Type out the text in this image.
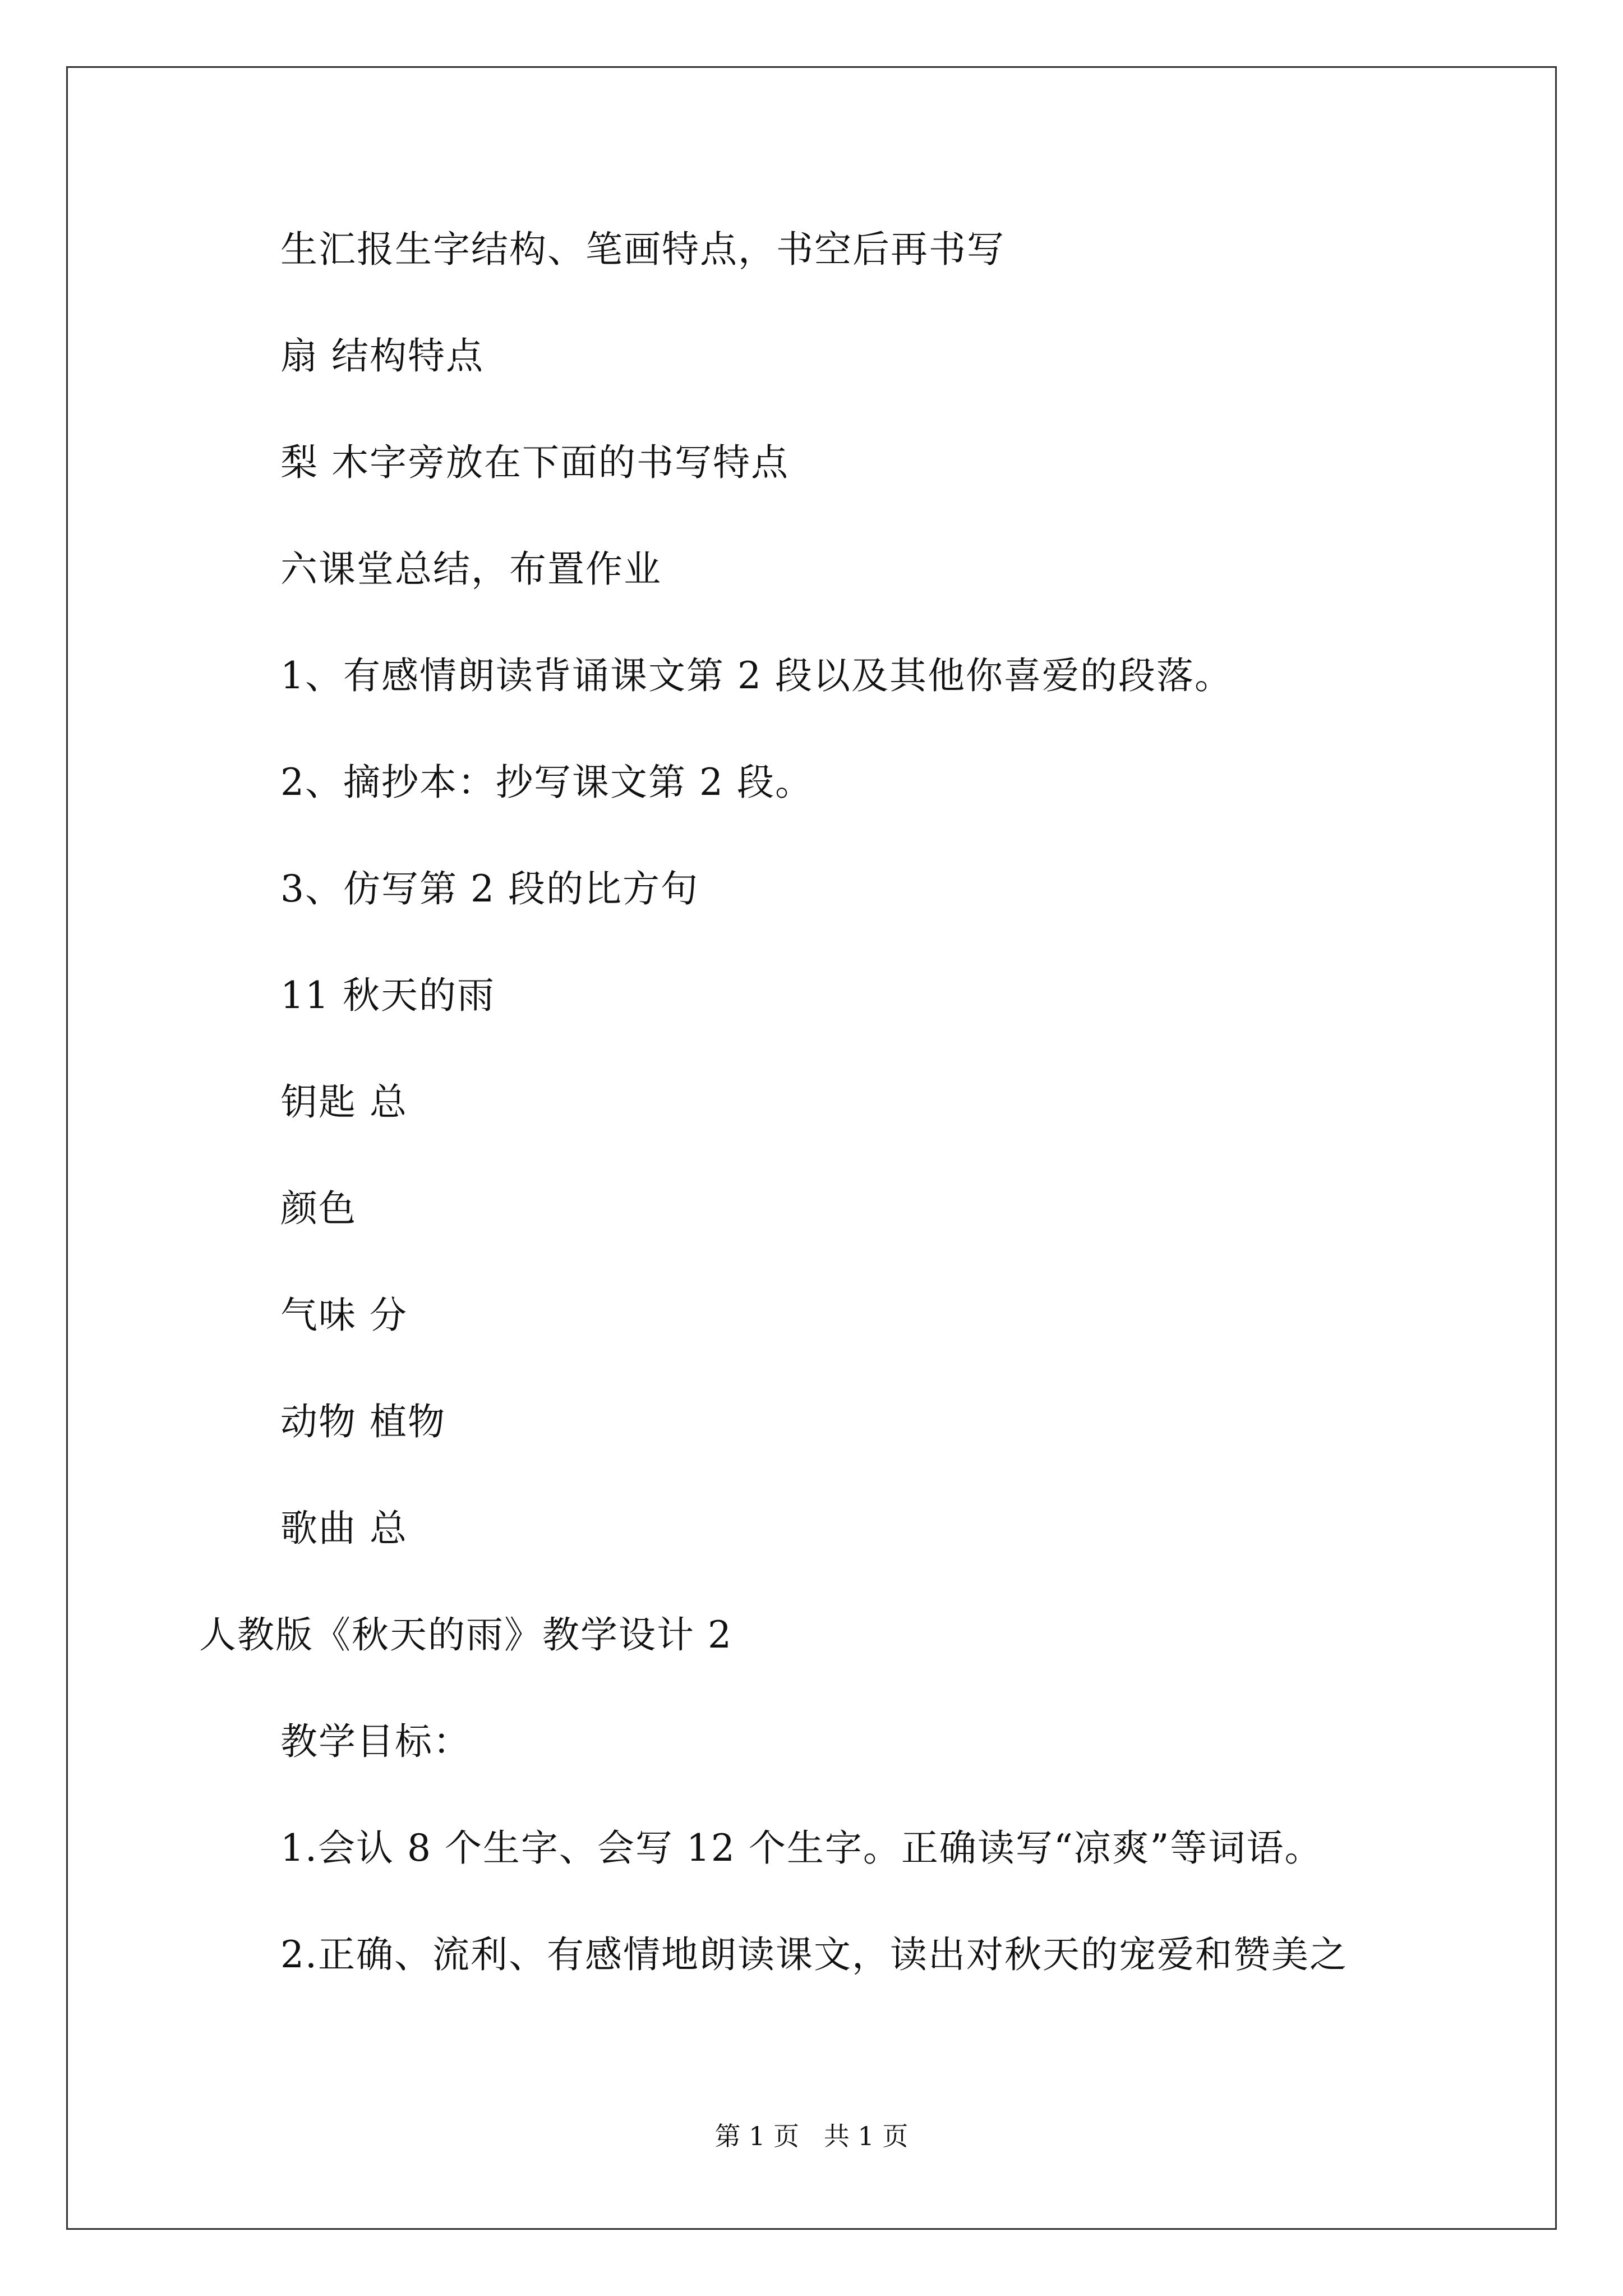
生汇报生字结构、笔画特点，书空后再书写
扇 结构特点
梨 木字旁放在下面的书写特点
六课堂总结，布置作业
1、有感情朗读背诵课文第 2 段以及其他你喜爱的段落。
2、摘抄本：抄写课文第 2 段。
3、仿写第 2 段的比方句
11 秋天的雨
钥匙 总
颜色
气味 分
动物 植物
歌曲 总
人教版《秋天的雨》教学设计 2
教学目标：
1.会认 8 个生字、会写 12 个生字。正确读写“凉爽”等词语。
2.正确、流利、有感情地朗读课文，读出对秋天的宠爱和赞美之
第 1 页   共 1 页
